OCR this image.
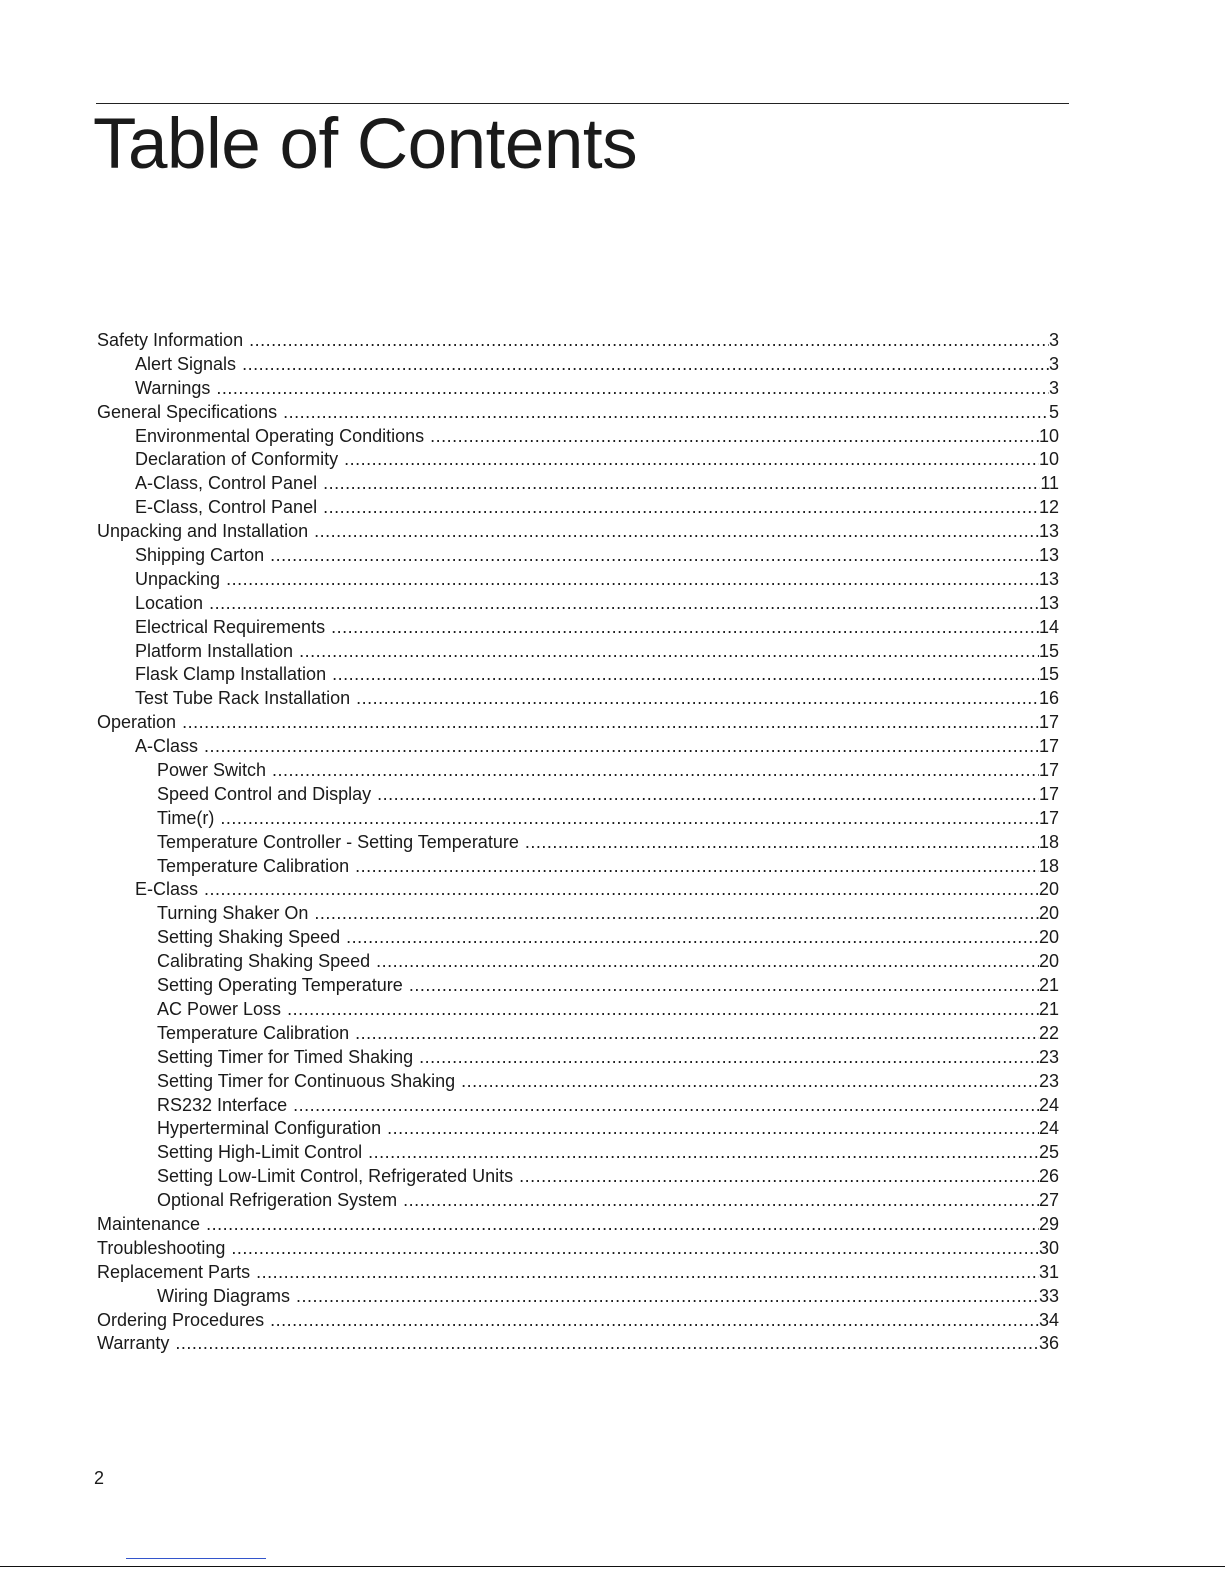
Table of Contents
Safety Information .....	3
Alert Signals .....	3
Warnings .....	3
General Specifications .....	5
Environmental Operating Conditions .....	10
Declaration of Conformity .....	10
A-Class, Control Panel .....	11
E-Class, Control Panel .....	12
Unpacking and Installation .....	13
Shipping Carton .....	13
Unpacking .....	13
Location .....	13
Electrical Requirements .....	14
Platform Installation .....	15
Flask Clamp Installation .....	15
Test Tube Rack Installation .....	16
Operation .....	17
A-Class .....	17
Power Switch .....	17
Speed Control and Display .....	17
Time(r) .....	17
Temperature Controller - Setting Temperature .....	18
Temperature Calibration .....	18
E-Class .....	20
Turning Shaker On .....	20
Setting Shaking Speed .....	20
Calibrating Shaking Speed .....	20
Setting Operating Temperature .....	21
AC Power Loss .....	21
Temperature Calibration .....	22
Setting Timer for Timed Shaking .....	23
Setting Timer for Continuous Shaking .....	23
RS232 Interface .....	24
Hyperterminal Configuration .....	24
Setting High-Limit Control .....	25
Setting Low-Limit Control, Refrigerated Units .....	26
Optional Refrigeration System .....	27
Maintenance .....	29
Troubleshooting .....	30
Replacement Parts .....	31
Wiring Diagrams .....	33
Ordering Procedures .....	34
Warranty .....	36
2
